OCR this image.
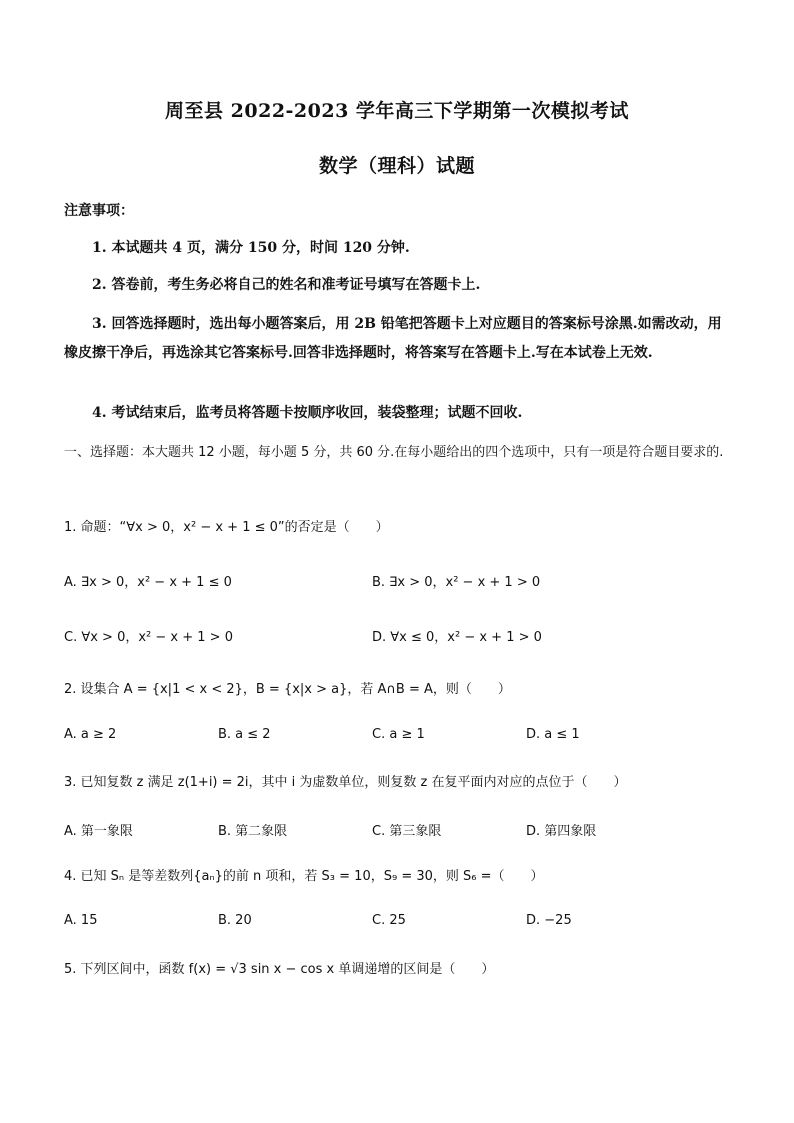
周至县 2022-2023 学年高三下学期第一次模拟考试
数学（理科）试题
注意事项：
1. 本试题共 4 页，满分 150 分，时间 120 分钟.
2. 答卷前，考生务必将自己的姓名和准考证号填写在答题卡上.
3. 回答选择题时，选出每小题答案后，用 2B 铅笔把答题卡上对应题目的答案标号涂黑.如需改动，用橡皮擦干净后，再选涂其它答案标号.回答非选择题时，将答案写在答题卡上.写在本试卷上无效.
4. 考试结束后，监考员将答题卡按顺序收回，装袋整理；试题不回收.
一、选择题：本大题共 12 小题，每小题 5 分，共 60 分.在每小题给出的四个选项中，只有一项是符合题目要求的.
1. 命题：“∀x > 0，x² − x + 1 ≤ 0”的否定是（　　）
A. ∃x > 0，x² − x + 1 ≤ 0	B. ∃x > 0，x² − x + 1 > 0
C. ∀x > 0，x² − x + 1 > 0	D. ∀x ≤ 0，x² − x + 1 > 0
2. 设集合 A = {x|1 < x < 2}，B = {x|x > a}，若 A∩B = A，则（　　）
A. a ≥ 2	B. a ≤ 2	C. a ≥ 1	D. a ≤ 1
3. 已知复数 z 满足 z(1+i) = 2i，其中 i 为虚数单位，则复数 z 在复平面内对应的点位于（　　）
A. 第一象限	B. 第二象限	C. 第三象限	D. 第四象限
4. 已知 Sₙ 是等差数列{aₙ}的前 n 项和，若 S₃ = 10，S₉ = 30，则 S₆ =（　　）
A. 15	B. 20	C. 25	D. −25
5. 下列区间中，函数 f(x) = √3 sin x − cos x 单调递增的区间是（　　）
